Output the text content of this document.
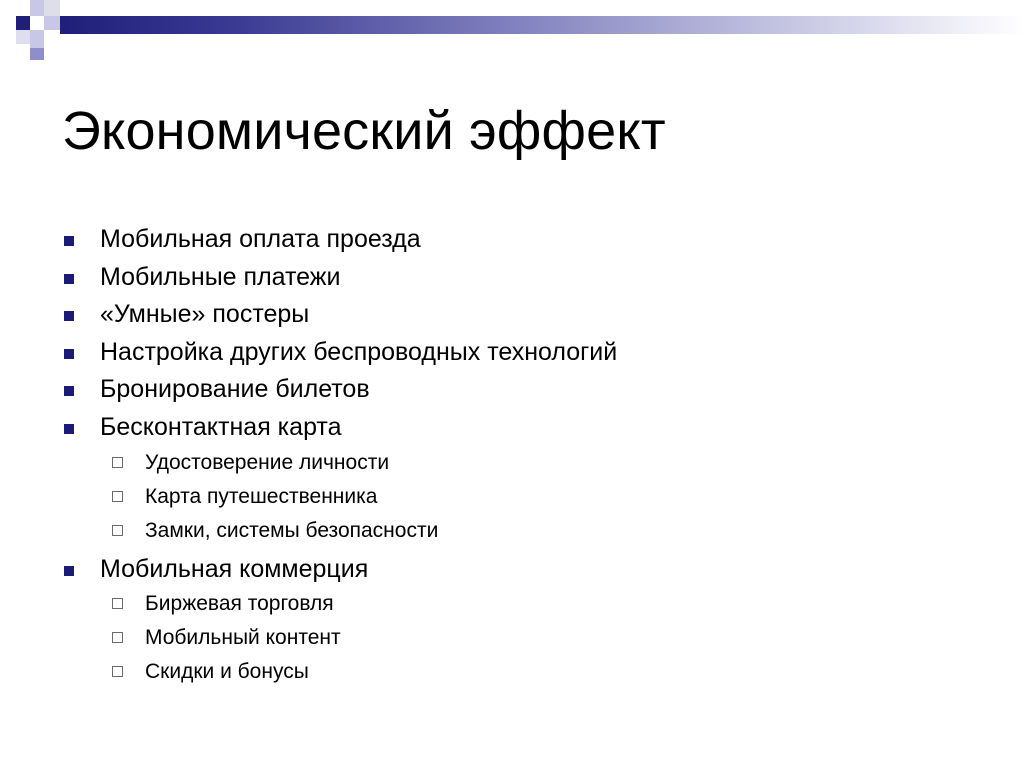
Экономический эффект
Мобильная оплата проезда
Мобильные платежи
«Умные» постеры
Настройка других беспроводных технологий
Бронирование билетов
Бесконтактная карта
Удостоверение личности
Карта путешественника
Замки, системы безопасности
Мобильная коммерция
Биржевая торговля
Мобильный контент
Скидки и бонусы
